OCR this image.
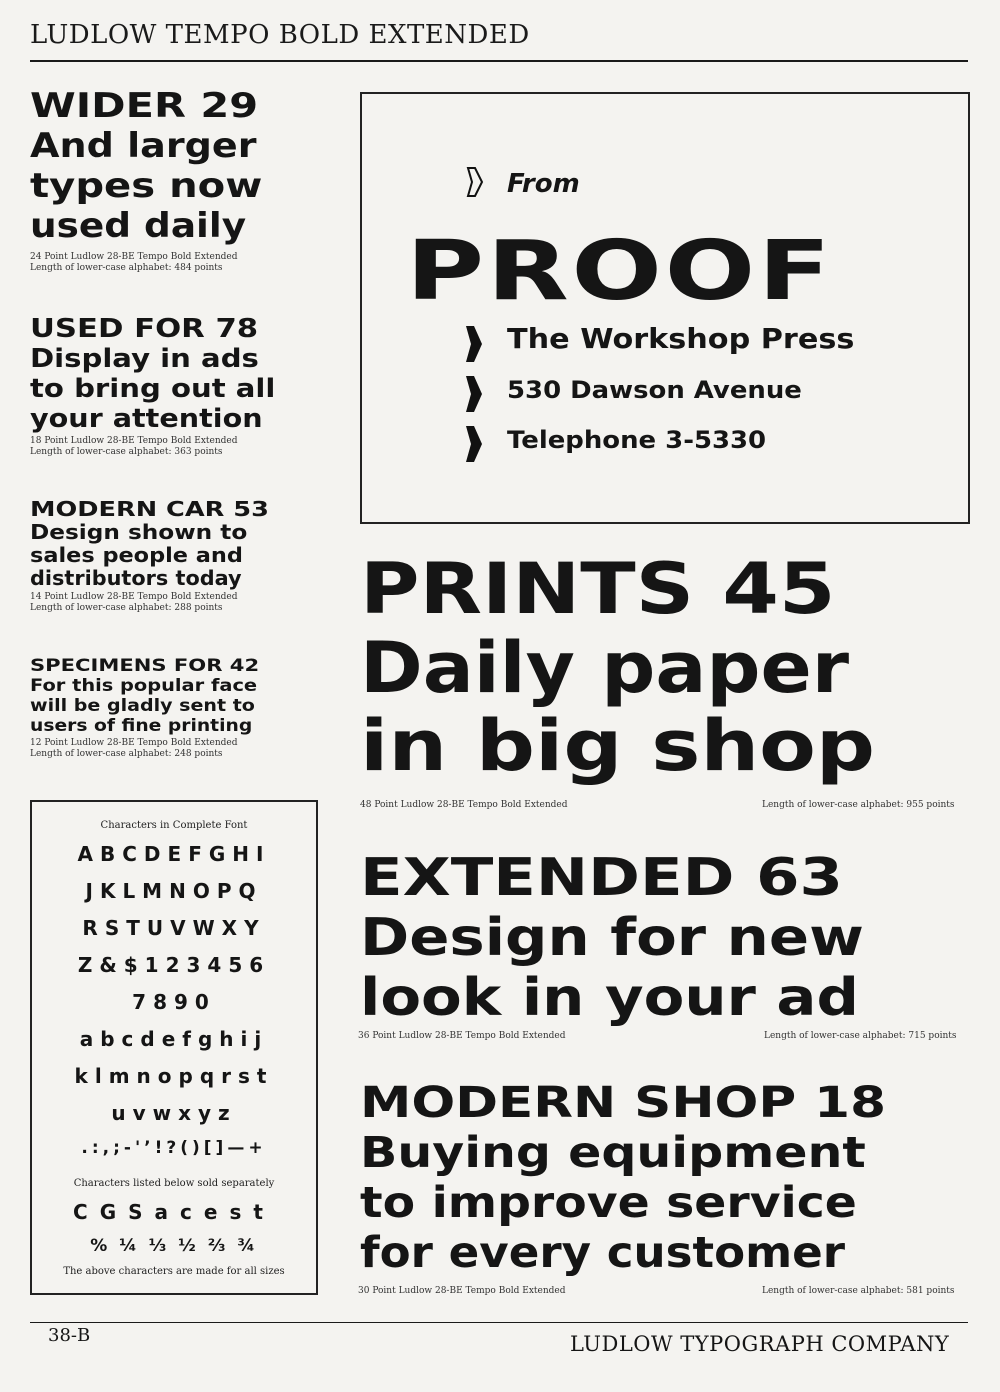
LUDLOW TEMPO BOLD EXTENDED
WIDER 29
And larger
types now
used daily
24 Point Ludlow 28-BE Tempo Bold Extended
Length of lower-case alphabet: 484 points
USED FOR 78
Display in ads
to bring out all
your attention
18 Point Ludlow 28-BE Tempo Bold Extended
Length of lower-case alphabet: 363 points
MODERN CAR 53
Design shown to
sales people and
distributors today
14 Point Ludlow 28-BE Tempo Bold Extended
Length of lower-case alphabet: 288 points
SPECIMENS FOR 42
For this popular face
will be gladly sent to
users of fine printing
12 Point Ludlow 28-BE Tempo Bold Extended
Length of lower-case alphabet: 248 points
From
PROOF
The Workshop Press
530 Dawson Avenue
Telephone 3-5330
PRINTS 45
Daily paper
in big shop
48 Point Ludlow 28-BE Tempo Bold Extended	Length of lower-case alphabet: 955 points
EXTENDED 63
Design for new
look in your ad
36 Point Ludlow 28-BE Tempo Bold Extended	Length of lower-case alphabet: 715 points
MODERN SHOP 18
Buying equipment
to improve service
for every customer
30 Point Ludlow 28-BE Tempo Bold Extended	Length of lower-case alphabet: 581 points
Characters in Complete Font
ABCDEFGHI
JKLMNOPQ
RSTUVWXY
Z&$123456
7890
abcdefghij
klmnopqrst
uvwxyz
.:,;-'’!?()[]—+
Characters listed below sold separately
CGSacest
% ¼ ⅓ ½ ⅔ ¾
The above characters are made for all sizes
38-B	LUDLOW TYPOGRAPH COMPANY
